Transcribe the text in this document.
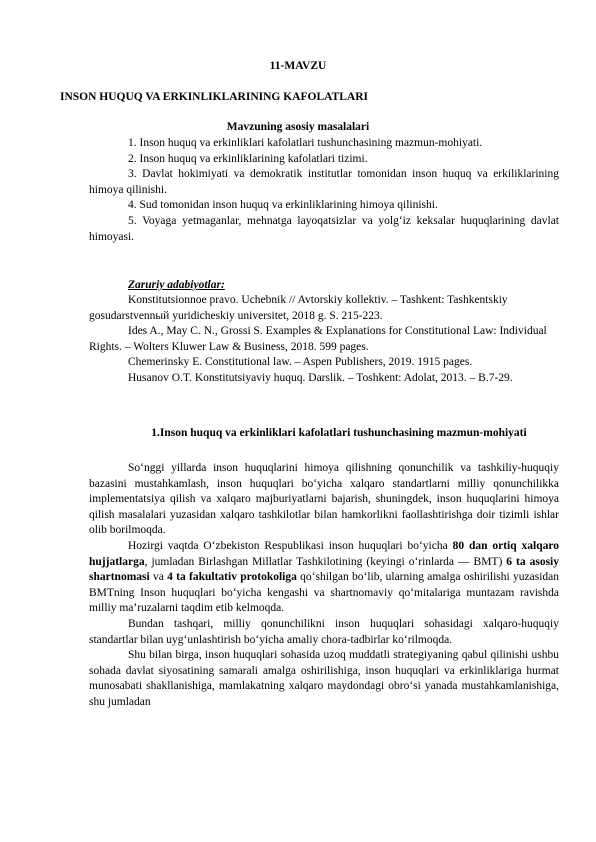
11-MAVZU
INSON HUQUQ VA ERKINLIKLARINING KAFOLATLARI
Mavzuning asosiy masalalari

1. Inson huquq va erkinliklari kafolatlari tushunchasining mazmun-mohiyati.

2. Inson huquq va erkinliklarining kafolatlari tizimi.

3. Davlat hokimiyati va demokratik institutlar tomonidan inson huquq va erkiliklarining himoya qilinishi.

4. Sud tomonidan inson huquq va erkinliklarining himoya qilinishi.

5. Voyaga yetmaganlar, mehnatga layoqatsizlar va yolg‘iz keksalar huquqlarining davlat himoyasi.

Zaruriy adabiyotlar:

Konstitutsionnoe pravo. Uchebnik // Avtorskiy kollektiv. – Tashkent: Tashkentskiy gosudarstvennый yuridicheskiy universitet, 2018 g. S. 215-223.

Ides A., May C. N., Grossi S. Examples & Explanations for Constitutional Law: Individual Rights. – Wolters Kluwer Law & Business, 2018. 599 pages.

Chemerinsky E. Constitutional law. – Aspen Publishers, 2019. 1915 pages.

Husanov O.T. Konstitutsiyaviy huquq. Darslik. – Toshkent: Adolat, 2013. – B.7-29.

1.Inson huquq va erkinliklari kafolatlari tushunchasining mazmun-mohiyati

So‘nggi yillarda inson huquqlarini himoya qilishning qonunchilik va tashkiliy-huquqiy bazasini mustahkamlash, inson huquqlari bo‘yicha xalqaro standartlarni milliy qonunchilikka implementatsiya qilish va xalqaro majburiyatlarni bajarish, shuningdek, inson huquqlarini himoya qilish masalalari yuzasidan xalqaro tashkilotlar bilan hamkorlikni faollashtirishga doir tizimli ishlar olib borilmoqda.

Hozirgi vaqtda O‘zbekiston Respublikasi inson huquqlari bo‘yicha 80 dan ortiq xalqaro hujjatlarga, jumladan Birlashgan Millatlar Tashkilotining (keyingi o‘rinlarda — BMT) 6 ta asosiy shartnomasi va 4 ta fakultativ protokoliga qo‘shilgan bo‘lib, ularning amalga oshirilishi yuzasidan BMTning Inson huquqlari bo‘yicha kengashi va shartnomaviy qo‘mitalariga muntazam ravishda milliy ma’ruzalarni taqdim etib kelmoqda.

Bundan tashqari, milliy qonunchilikni inson huquqlari sohasidagi xalqaro-huquqiy standartlar bilan uyg‘unlashtirish bo‘yicha amaliy chora-tadbirlar ko‘rilmoqda.

Shu bilan birga, inson huquqlari sohasida uzoq muddatli strategiyaning qabul qilinishi ushbu sohada davlat siyosatining samarali amalga oshirilishiga, inson huquqlari va erkinliklariga hurmat munosabati shakllanishiga, mamlakatning xalqaro maydondagi obro‘si yanada mustahkamlanishiga, shu jumladan
